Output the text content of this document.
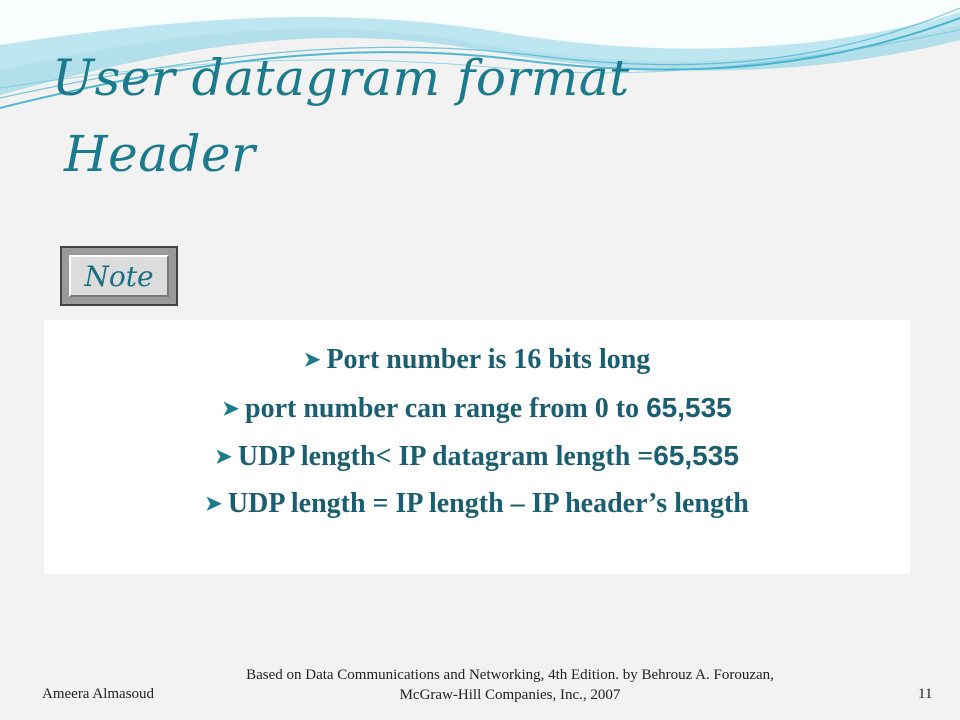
User datagram format
Header
Note
➤ Port number is 16 bits long
➤ port number can range from 0 to 65,535
➤ UDP length< IP datagram length =65,535
➤ UDP length = IP length – IP header’s length
Ameera Almasoud
Based on Data Communications and Networking, 4th Edition. by Behrouz A. Forouzan, McGraw-Hill Companies, Inc., 2007	11
